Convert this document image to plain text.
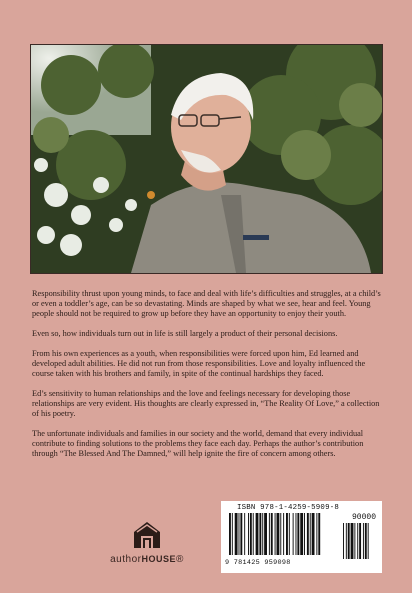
Responsibility thrust upon young minds, to face and deal with life’s difficulties and struggles, at a child’s or even a toddler’s age, can be so devastating. Minds are shaped by what we see, hear and feel. Young people should not be required to grow up before they have an opportunity to enjoy their youth.

Even so, how individuals turn out in life is still largely a product of their personal decisions.

From his own experiences as a youth, when responsibilities were forced upon him, Ed learned and developed adult abilities. He did not run from those responsibilities. Love and loyalty influenced the course taken with his brothers and family, in spite of the continual hardships they faced.

Ed’s sensitivity to human relationships and the love and feelings necessary for developing those relationships are very evident. His thoughts are clearly expressed in, “The Reality Of Love,” a collection of his poetry.

The unfortunate individuals and families in our society and the world, demand that every individual contribute to finding solutions to the problems they face each day. Perhaps the author’s contribution through “The Blessed And The Damned,” will help ignite the fire of concern among others.

authorHOUSE®
ISBN 978-1-4259-5909-8
90000
9 781425 959098
